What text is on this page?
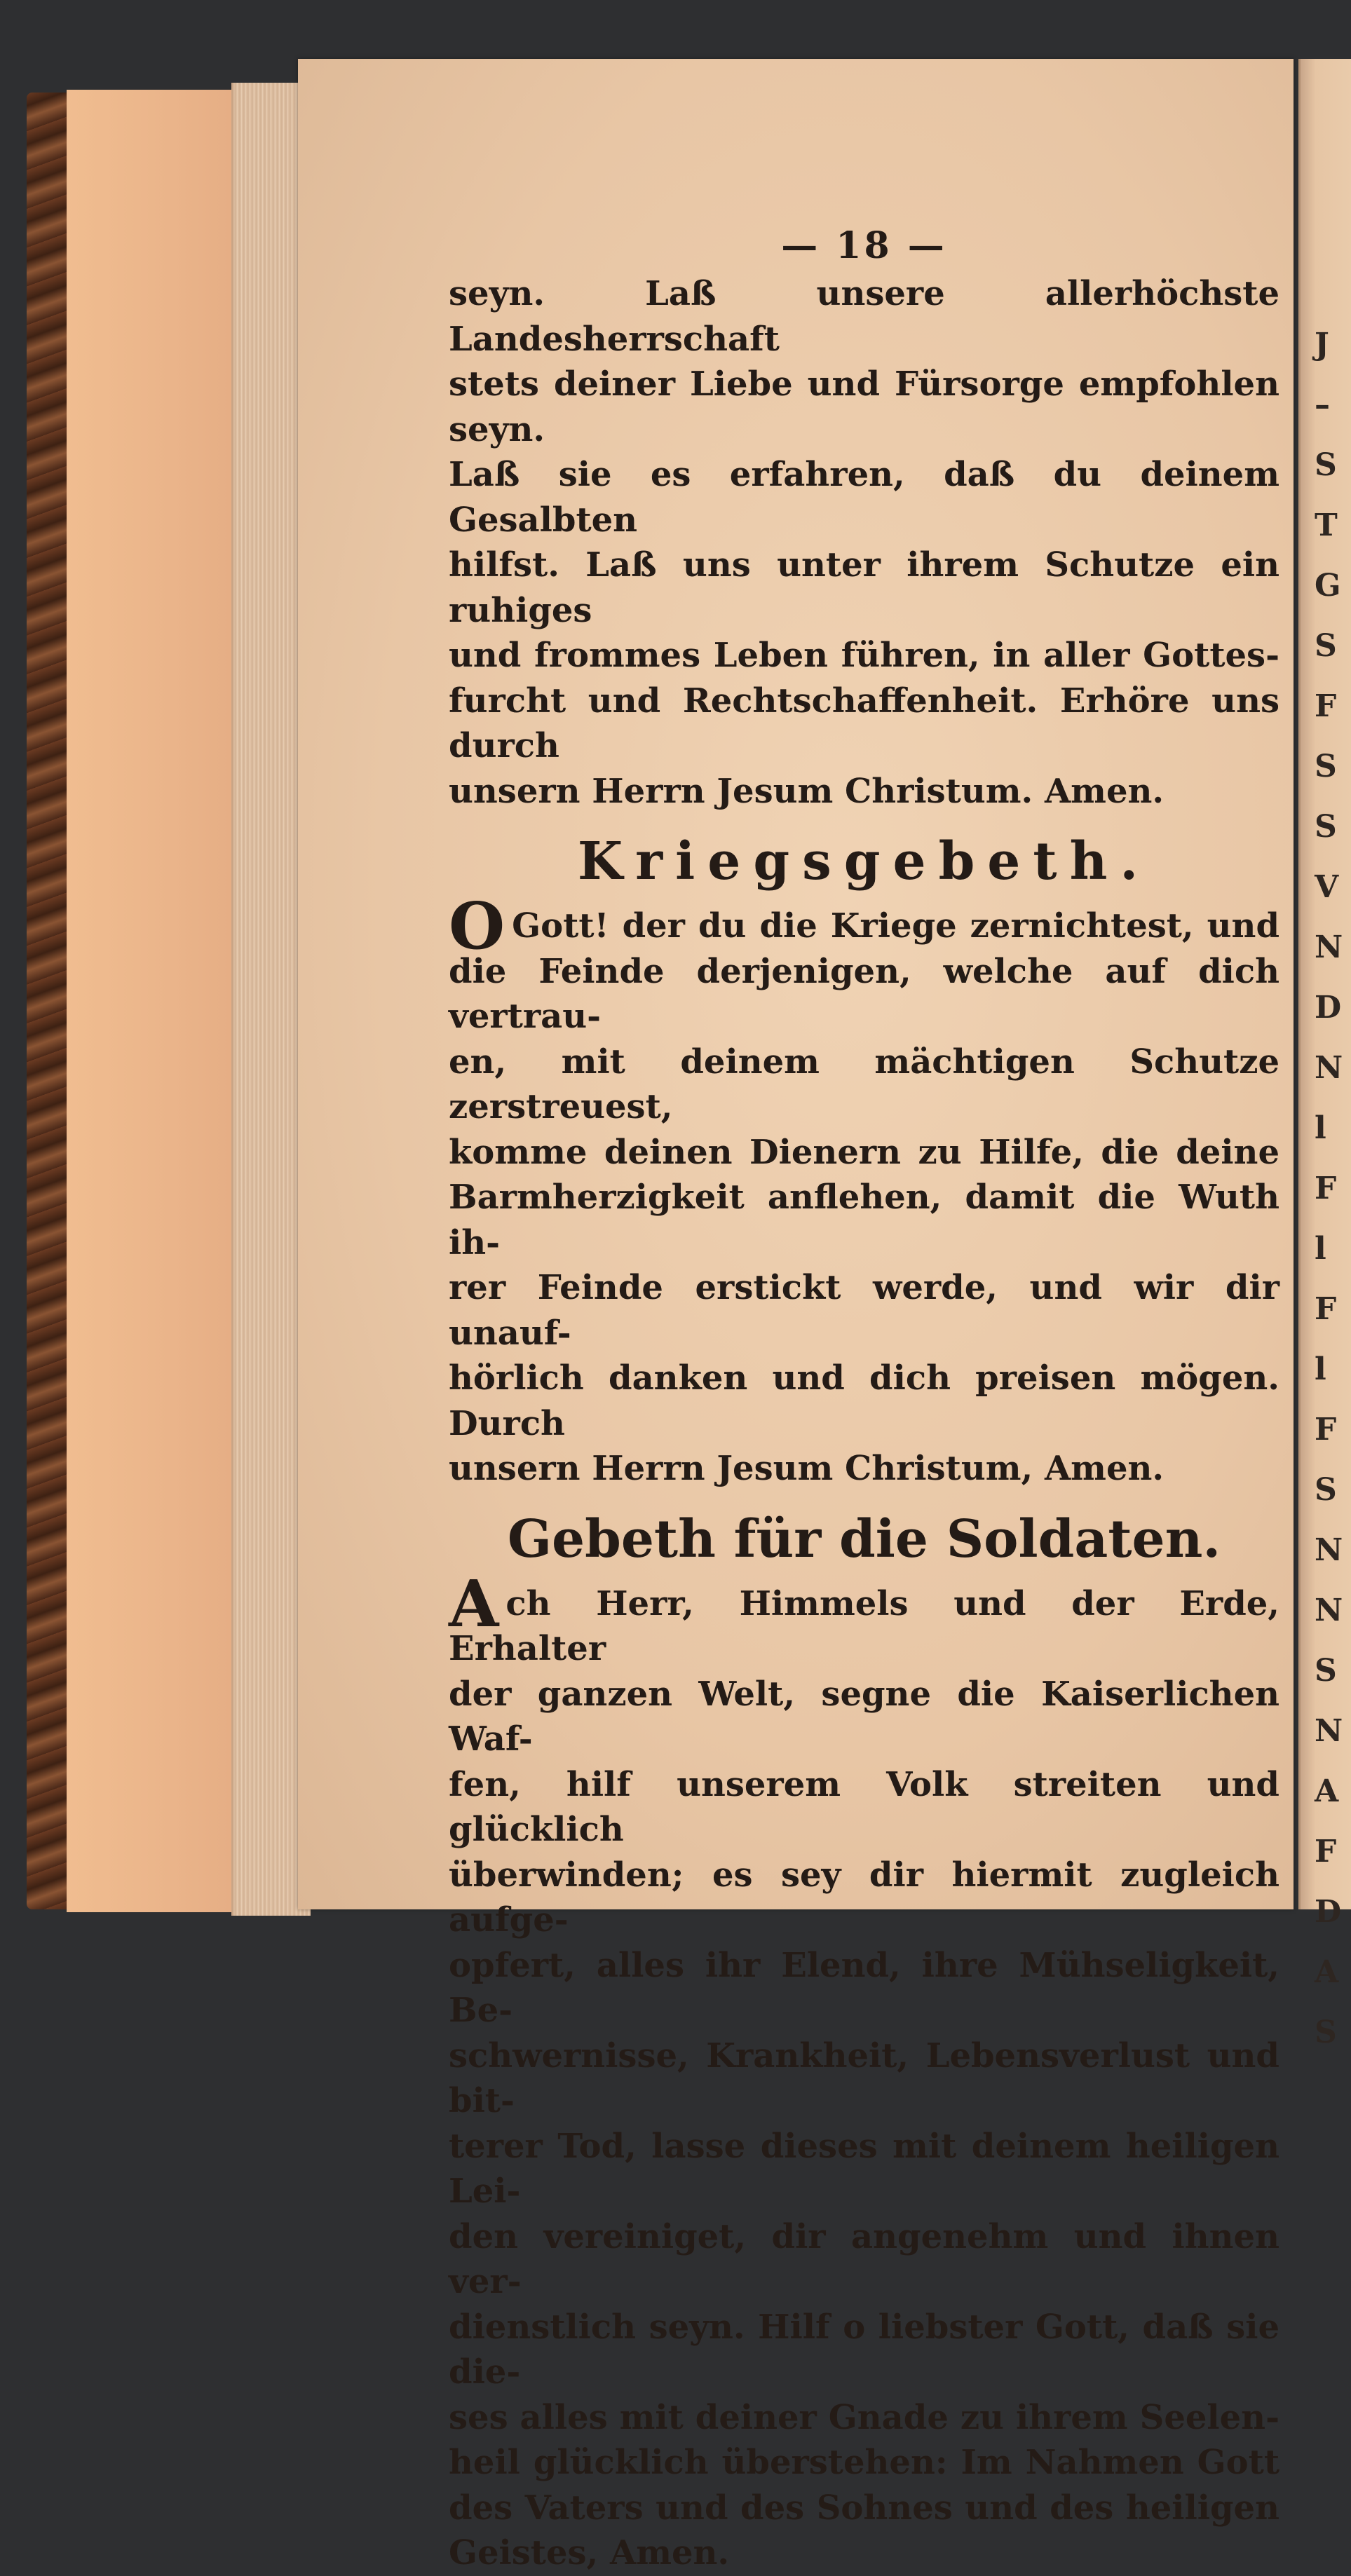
J
–
S
T
G
S
F
S
S
V
N
D
N
l
F
l
F
l
F
S
N
N
S
N
A
F
D
A
S
— 18 —
seyn. Laß unsere allerhöchste Landesherrschaft
stets deiner Liebe und Fürsorge empfohlen seyn.
Laß sie es erfahren, daß du deinem Gesalbten
hilfst. Laß uns unter ihrem Schutze ein ruhiges
und frommes Leben führen, in aller Gottes-
furcht und Rechtschaffenheit. Erhöre uns durch
unsern Herrn Jesum Christum. Amen.
Kriegsgebeth.
O Gott! der du die Kriege zernichtest, und
die Feinde derjenigen, welche auf dich vertrau-
en, mit deinem mächtigen Schutze zerstreuest,
komme deinen Dienern zu Hilfe, die deine
Barmherzigkeit anflehen, damit die Wuth ih-
rer Feinde erstickt werde, und wir dir unauf-
hörlich danken und dich preisen mögen. Durch
unsern Herrn Jesum Christum, Amen.
Gebeth für die Soldaten.
A ch Herr, Himmels und der Erde, Erhalter
der ganzen Welt, segne die Kaiserlichen Waf-
fen, hilf unserem Volk streiten und glücklich
überwinden; es sey dir hiermit zugleich aufge-
opfert, alles ihr Elend, ihre Mühseligkeit, Be-
schwernisse, Krankheit, Lebensverlust und bit-
terer Tod, lasse dieses mit deinem heiligen Lei-
den vereiniget, dir angenehm und ihnen ver-
dienstlich seyn. Hilf o liebster Gott, daß sie die-
ses alles mit deiner Gnade zu ihrem Seelen-
heil glücklich überstehen: Im Nahmen Gott
des Vaters und des Sohnes und des heiligen
Geistes, Amen.
